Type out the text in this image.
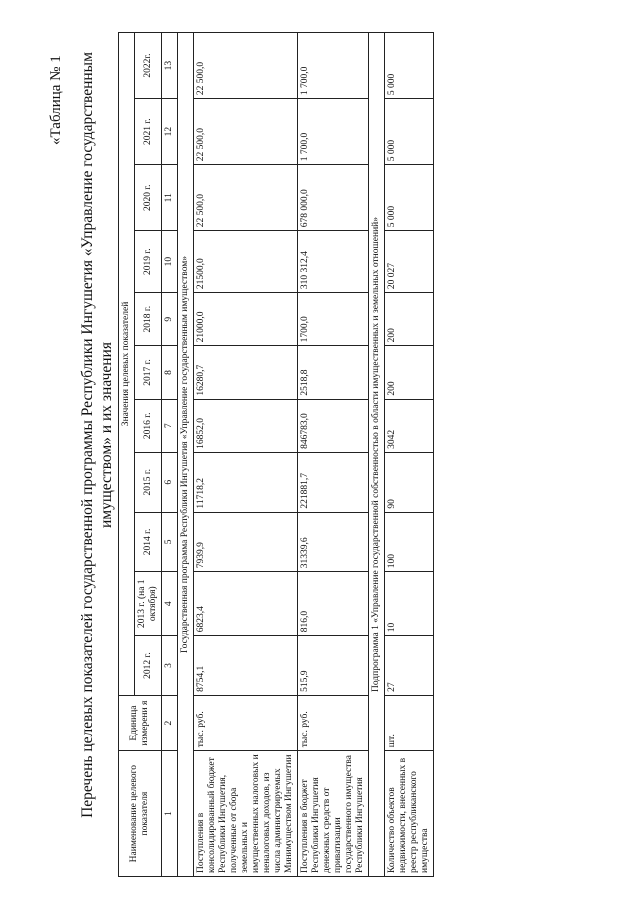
«Таблица № 1 Перечень целевых показателей государственной программы Республики Ингушетия «Управление государственным имуществом» и их значения
Наименование целевого показателя	Единица измерени я	Значения целевых показателей										
		2012 г.	2013 г. (на 1 октября)	2014 г.	2015 г.	2016 г.	2017 г.	2018 г.	2019 г.	2020 г.	2021 г.	2022г.
1	2	3	4	5	6	7	8	9	10	11	12	13
Государственная программа Республики Ингушетия «Управление государственным имуществом»												
Поступления в консолидированный бюджет Республики Ингушетия, полученные от сбора земельных и имущественных налоговых и неналоговых доходов, из числа администрируемых Минимуществом Ингушетии	тыс. руб.	8754,1	6823,4	7939,9	11718,2	16852,0	16280,7	21000,0	21500,0	22 500,0	22 500,0	22 500,0
Поступления в бюджет Республики Ингушетия денежных средств от приватизации государственного имущества Республики Ингушетия	тыс. руб.	515,9	816,0	31339,6	221881,7	846783,0	2518,8	1700,0	310 312,4	678 000,0	1 700,0	1 700,0
Подпрограмма 1 «Управление государственной собственностью в области имущественных и земельных отношений»												
Количество объектов недвижимости, внесенных в реестр республиканского имущества	шт.	27	10	100	90	3042	200	200	20 027	5 000	5 000	5 000
